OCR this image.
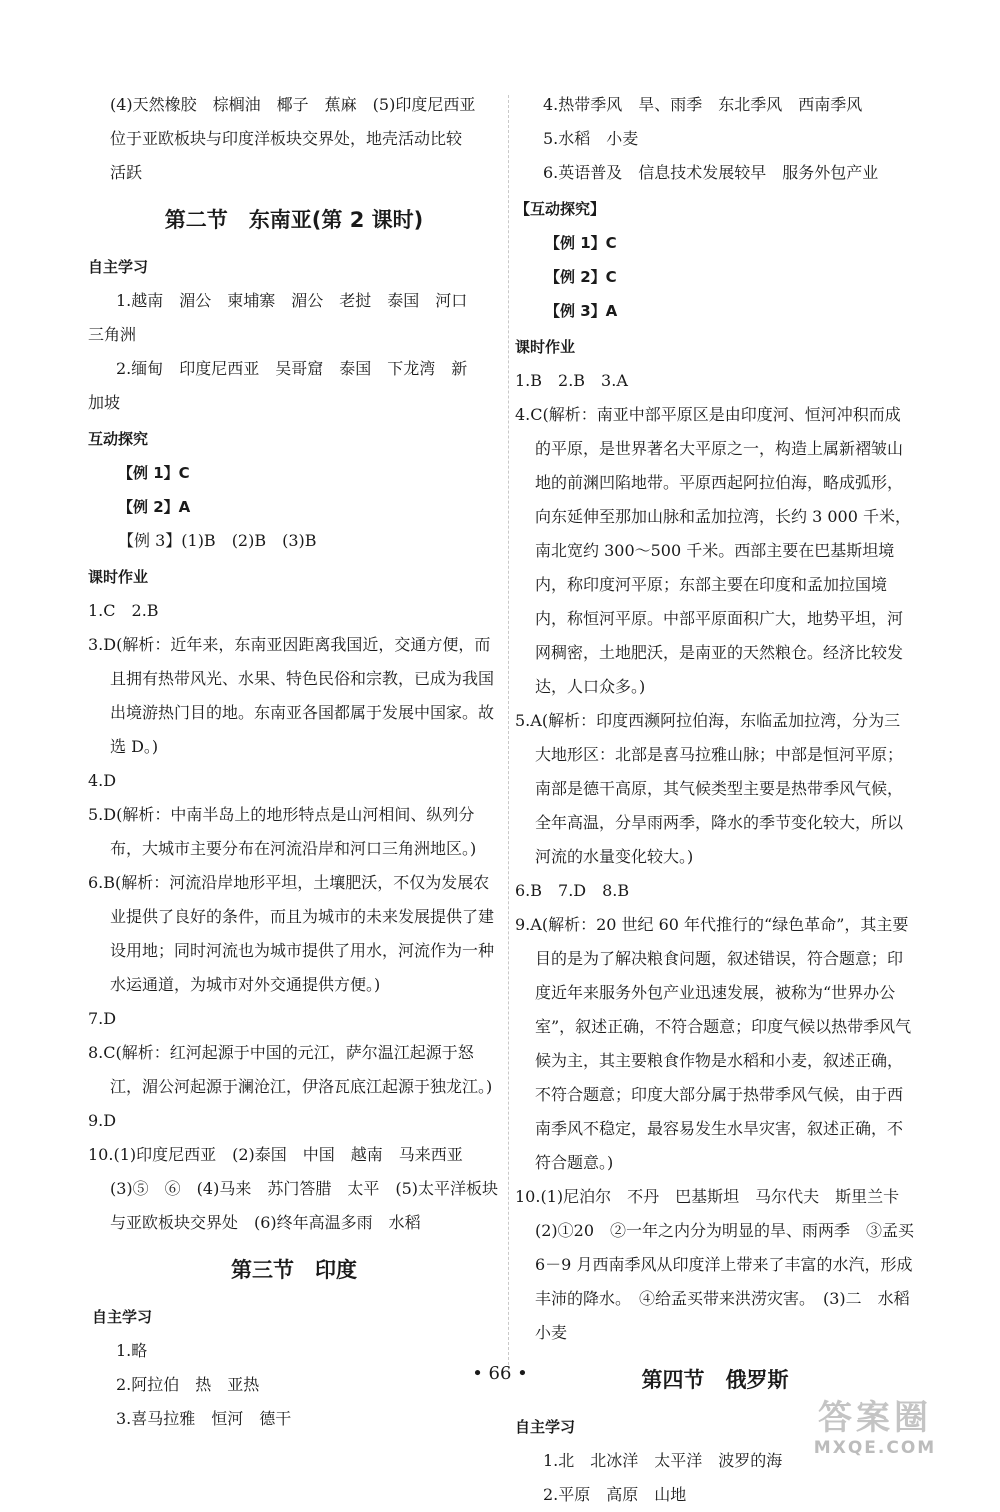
(4)天然橡胶　棕榈油　椰子　蕉麻　(5)印度尼西亚
位于亚欧板块与印度洋板块交界处，地壳活动比较
活跃
第二节　东南亚(第 2 课时)
自主学习
1.越南　湄公　柬埔寨　湄公　老挝　泰国　河口
三角洲
2.缅甸　印度尼西亚　吴哥窟　泰国　下龙湾　新
加坡
互动探究
【例 1】C
【例 2】A
【例 3】(1)B　(2)B　(3)B
课时作业
1.C　2.B
3.D(解析：近年来，东南亚因距离我国近，交通方便，而且拥有热带风光、水果、特色民俗和宗教，已成为我国出境游热门目的地。东南亚各国都属于发展中国家。故选 D。)
4.D
5.D(解析：中南半岛上的地形特点是山河相间、纵列分布，大城市主要分布在河流沿岸和河口三角洲地区。)
6.B(解析：河流沿岸地形平坦，土壤肥沃，不仅为发展农业提供了良好的条件，而且为城市的未来发展提供了建设用地；同时河流也为城市提供了用水，河流作为一种水运通道，为城市对外交通提供方便。)
7.D
8.C(解析：红河起源于中国的元江，萨尔温江起源于怒江，湄公河起源于澜沧江，伊洛瓦底江起源于独龙江。)
9.D
10.(1)印度尼西亚　(2)泰国　中国　越南　马来西亚　(3)⑤　⑥　(4)马来　苏门答腊　太平　(5)太平洋板块与亚欧板块交界处　(6)终年高温多雨　水稻
第三节　印度
自主学习
1.略
2.阿拉伯　热　亚热
3.喜马拉雅　恒河　德干
4.热带季风　旱、雨季　东北季风　西南季风
5.水稻　小麦
6.英语普及　信息技术发展较早　服务外包产业
【互动探究】
【例 1】C
【例 2】C
【例 3】A
课时作业
1.B　2.B　3.A
4.C(解析：南亚中部平原区是由印度河、恒河冲积而成的平原，是世界著名大平原之一，构造上属新褶皱山地的前渊凹陷地带。平原西起阿拉伯海，略成弧形，向东延伸至那加山脉和孟加拉湾，长约 3 000 千米，南北宽约 300～500 千米。西部主要在巴基斯坦境内，称印度河平原；东部主要在印度和孟加拉国境内，称恒河平原。中部平原面积广大，地势平坦，河网稠密，土地肥沃，是南亚的天然粮仓。经济比较发达，人口众多。)
5.A(解析：印度西濒阿拉伯海，东临孟加拉湾，分为三大地形区：北部是喜马拉雅山脉；中部是恒河平原；南部是德干高原，其气候类型主要是热带季风气候，全年高温，分旱雨两季，降水的季节变化较大，所以河流的水量变化较大。)
6.B　7.D　8.B
9.A(解析：20 世纪 60 年代推行的“绿色革命”，其主要目的是为了解决粮食问题，叙述错误，符合题意；印度近年来服务外包产业迅速发展，被称为“世界办公室”，叙述正确，不符合题意；印度气候以热带季风气候为主，其主要粮食作物是水稻和小麦，叙述正确，不符合题意；印度大部分属于热带季风气候，由于西南季风不稳定，最容易发生水旱灾害，叙述正确，不符合题意。)
10.(1)尼泊尔　不丹　巴基斯坦　马尔代夫　斯里兰卡　(2)①20　②一年之内分为明显的旱、雨两季　③孟买 6－9 月西南季风从印度洋上带来了丰富的水汽，形成丰沛的降水。　④给孟买带来洪涝灾害。　(3)二　水稻　小麦
第四节　俄罗斯
自主学习
1.北　北冰洋　太平洋　波罗的海
2.平原　高原　山地
• 66 •
答案圈
MXQE.COM
